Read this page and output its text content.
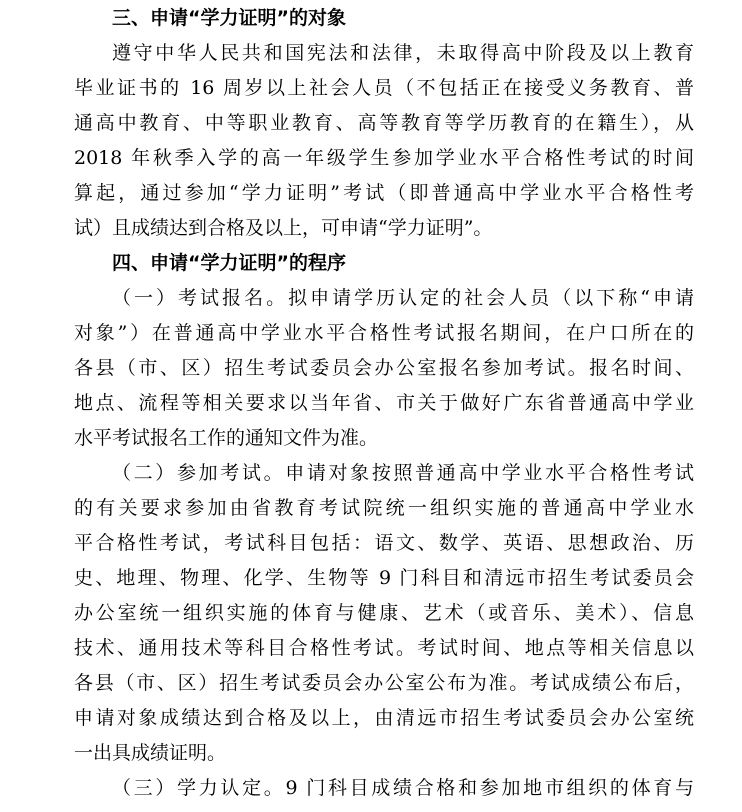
三、申请“学力证明”的对象
遵守中华人民共和国宪法和法律，未取得高中阶段及以上教育
毕业证书的 16 周岁以上社会人员（不包括正在接受义务教育、普
通高中教育、中等职业教育、高等教育等学历教育的在籍生），从
2018 年秋季入学的高一年级学生参加学业水平合格性考试的时间
算起，通过参加“学力证明”考试（即普通高中学业水平合格性考
试）且成绩达到合格及以上，可申请“学力证明”。
四、申请“学力证明”的程序
（一）考试报名。拟申请学历认定的社会人员（以下称“申请
对象”）在普通高中学业水平合格性考试报名期间，在户口所在的
各县（市、区）招生考试委员会办公室报名参加考试。报名时间、
地点、流程等相关要求以当年省、市关于做好广东省普通高中学业
水平考试报名工作的通知文件为准。
（二）参加考试。申请对象按照普通高中学业水平合格性考试
的有关要求参加由省教育考试院统一组织实施的普通高中学业水
平合格性考试，考试科目包括：语文、数学、英语、思想政治、历
史、地理、物理、化学、生物等 9 门科目和清远市招生考试委员会
办公室统一组织实施的体育与健康、艺术（或音乐、美术）、信息
技术、通用技术等科目合格性考试。考试时间、地点等相关信息以
各县（市、区）招生考试委员会办公室公布为准。考试成绩公布后，
申请对象成绩达到合格及以上，由清远市招生考试委员会办公室统
一出具成绩证明。
（三）学力认定。9 门科目成绩合格和参加地市组织的体育与
